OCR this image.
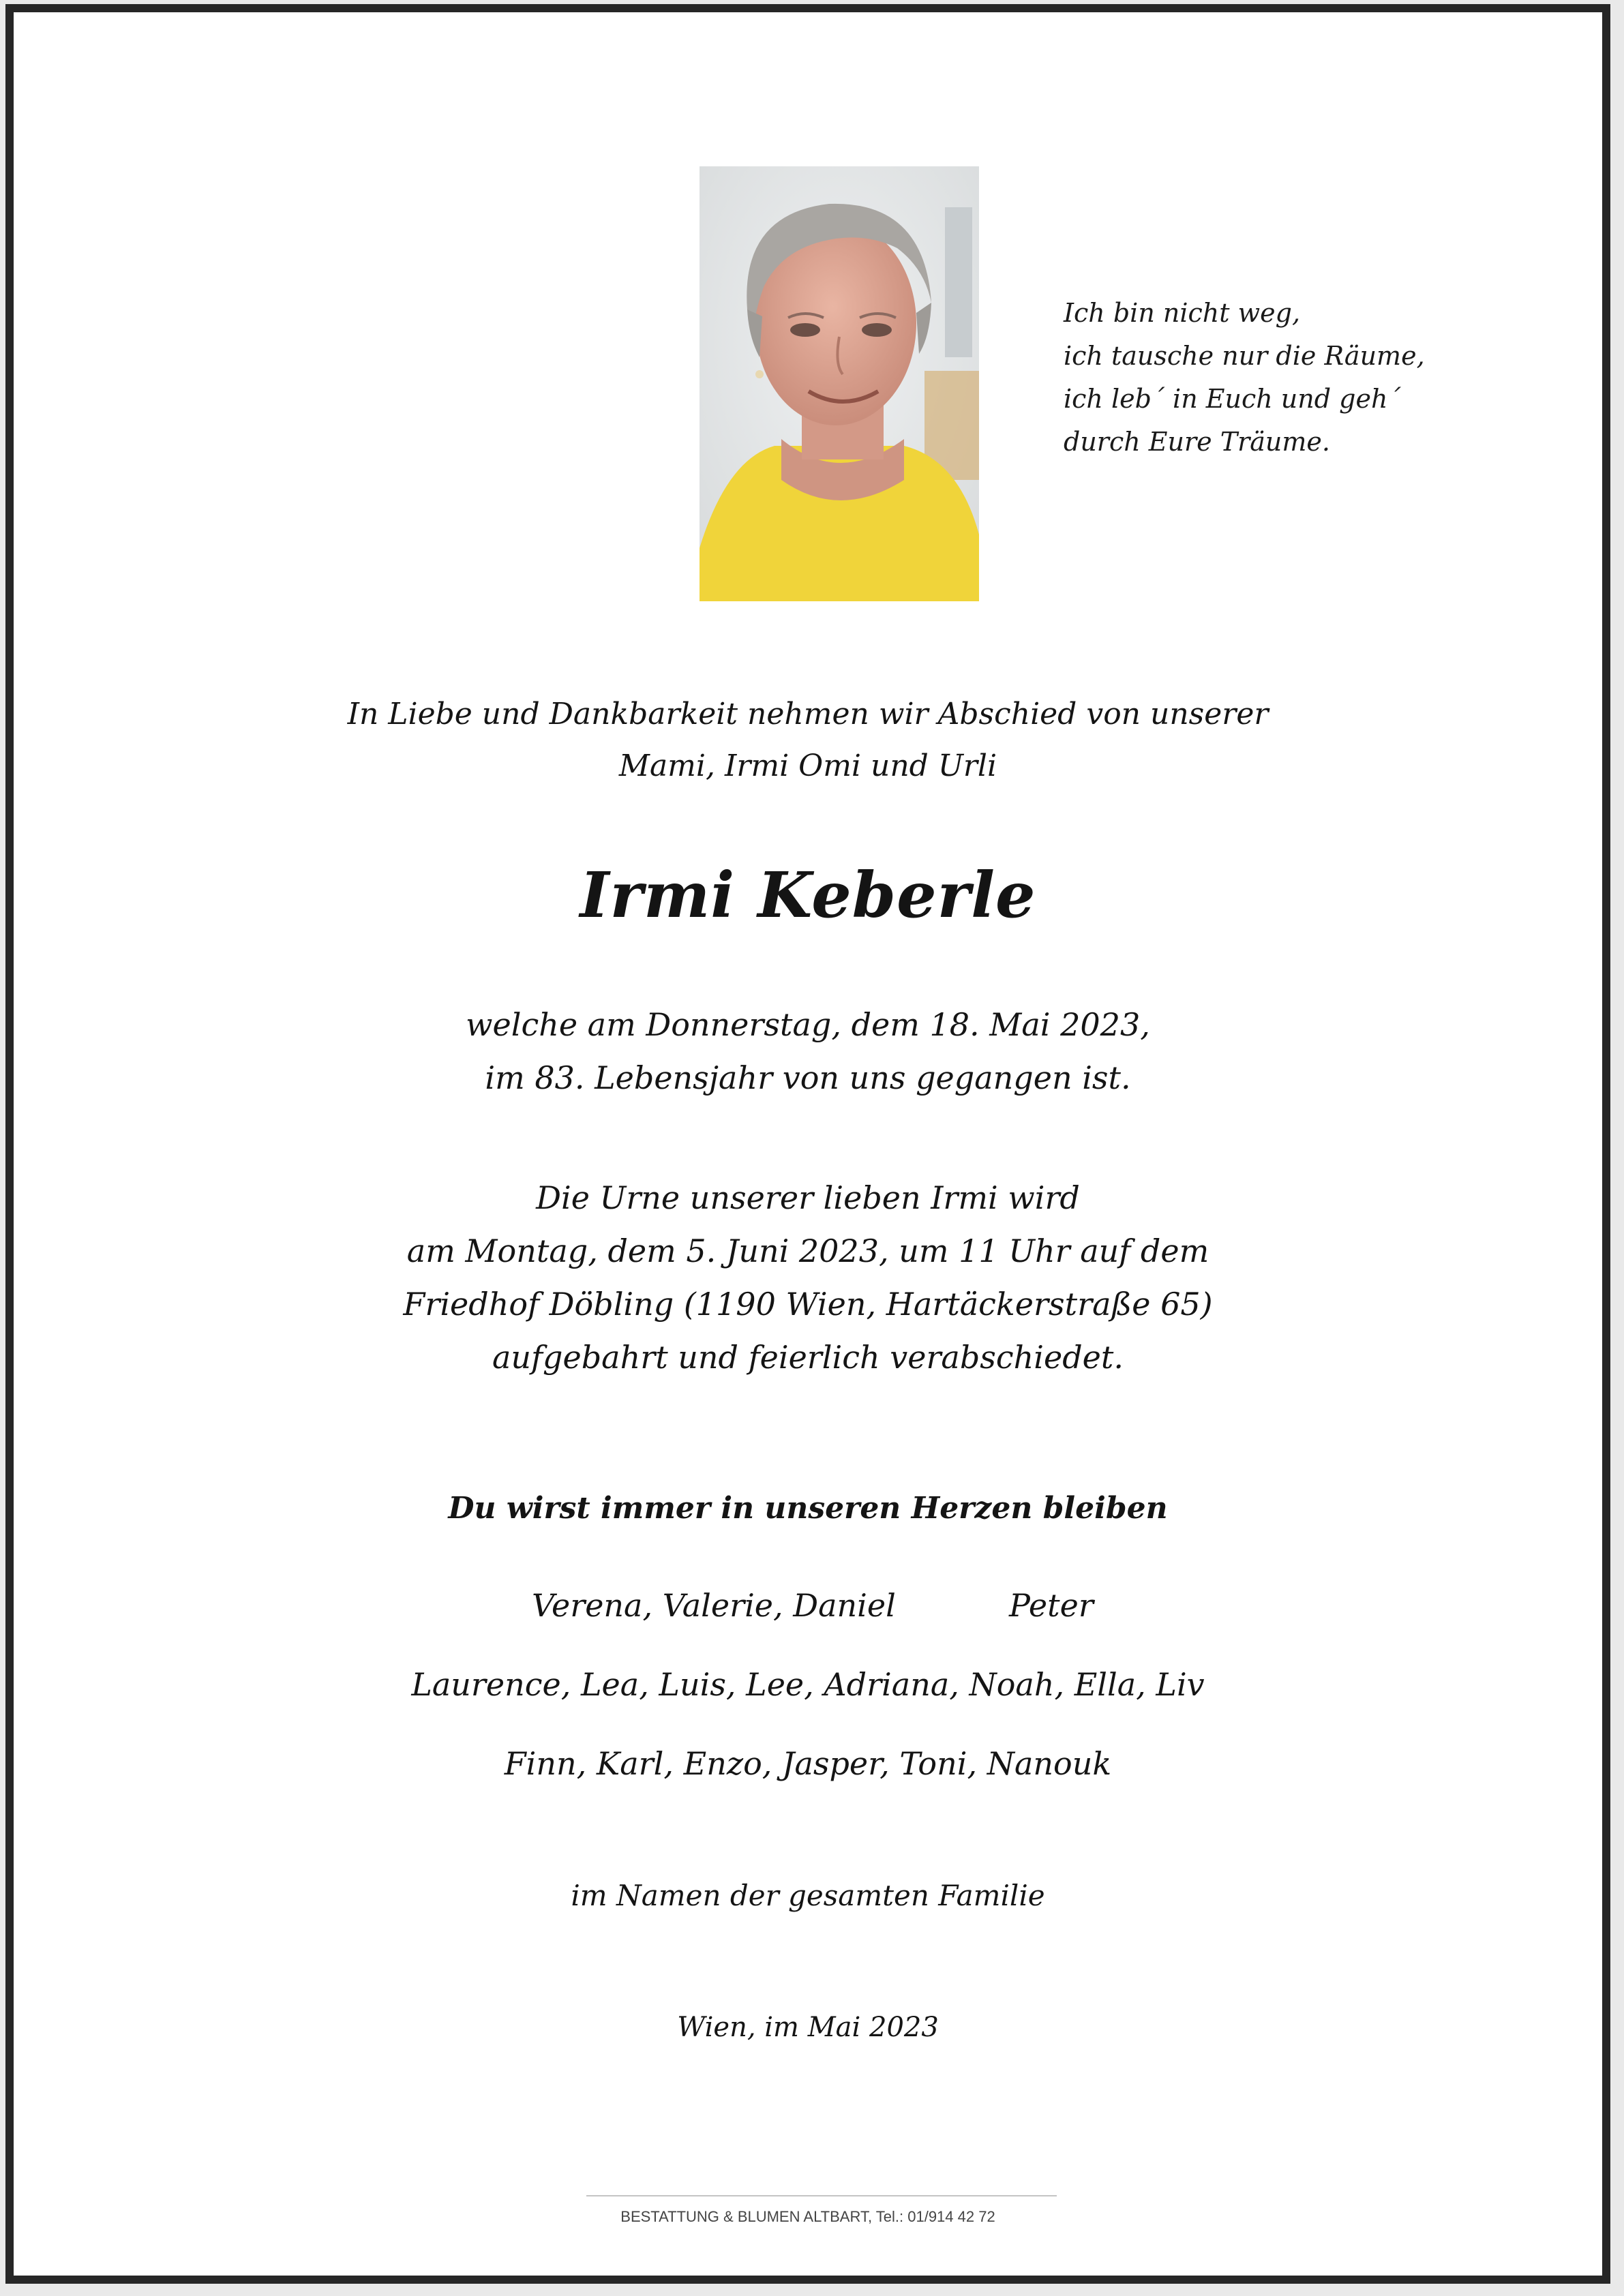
Ich bin nicht weg,
ich tausche nur die Räume,
ich leb´ in Euch und geh´
durch Eure Träume.
In Liebe und Dankbarkeit nehmen wir Abschied von unserer
Mami, Irmi Omi und Urli
Irmi Keberle
welche am Donnerstag, dem 18. Mai 2023,
im 83. Lebensjahr von uns gegangen ist.
Die Urne unserer lieben Irmi wird
am Montag, dem 5. Juni 2023, um 11 Uhr auf dem
Friedhof Döbling (1190 Wien, Hartäckerstraße 65)
aufgebahrt und feierlich verabschiedet.
Du wirst immer in unseren Herzen bleiben
Verena, Valerie, Daniel	Peter
Laurence, Lea, Luis, Lee, Adriana, Noah, Ella, Liv
Finn, Karl, Enzo, Jasper, Toni, Nanouk
im Namen der gesamten Familie
Wien, im Mai 2023
BESTATTUNG & BLUMEN ALTBART, Tel.: 01/914 42 72
